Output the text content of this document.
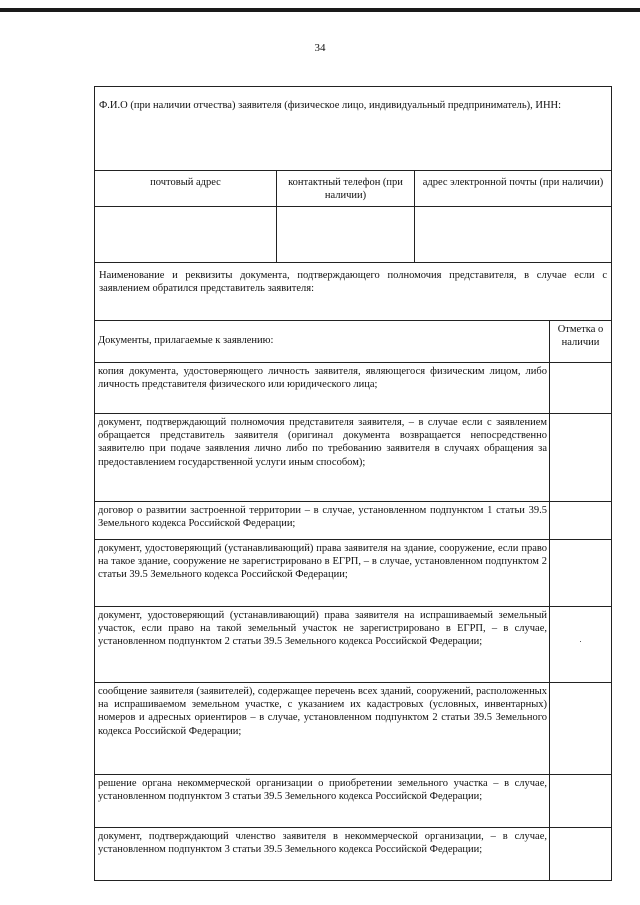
34
Ф.И.О (при наличии отчества) заявителя (физическое лицо, индивидуальный предприниматель), ИНН:
почтовый адрес	контактный телефон (при наличии)
адрес электронной почты (при наличии)
Наименование и реквизиты документа, подтверждающего полномочия представителя, в случае если с заявлением обратился представитель заявителя:
Документы, прилагаемые к заявлению:
Отметка о наличии
копия документа, удостоверяющего личность заявителя, являющегося физическим лицом, либо личность представителя физического или юридического лица;
документ, подтверждающий полномочия представителя заявителя, – в случае если с заявлением обращается представитель заявителя (оригинал документа возвращается непосредственно заявителю при подаче заявления лично либо по требованию заявителя в случаях обращения за предоставлением государственной услуги иным способом);
договор о развитии застроенной территории – в случае, установленном подпунктом 1 статьи 39.5 Земельного кодекса Российской Федерации;
документ, удостоверяющий (устанавливающий) права заявителя на здание, сооружение, если право на такое здание, сооружение не зарегистрировано в ЕГРП, – в случае, установленном подпунктом 2 статьи 39.5 Земельного кодекса Российской Федерации;
документ, удостоверяющий (устанавливающий) права заявителя на испрашиваемый земельный участок, если право на такой земельный участок не зарегистрировано в ЕГРП, – в случае, установленном подпунктом 2 статьи 39.5 Земельного кодекса Российской Федерации;
сообщение заявителя (заявителей), содержащее перечень всех зданий, сооружений, расположенных на испрашиваемом земельном участке, с указанием их кадастровых (условных, инвентарных) номеров и адресных ориентиров – в случае, установленном подпунктом 2 статьи 39.5 Земельного кодекса Российской Федерации;
решение органа некоммерческой организации о приобретении земельного участка – в случае, установленном подпунктом 3 статьи 39.5 Земельного кодекса Российской Федерации;
документ, подтверждающий членство заявителя в некоммерческой организации, – в случае, установленном подпунктом 3 статьи 39.5 Земельного кодекса Российской Федерации;
